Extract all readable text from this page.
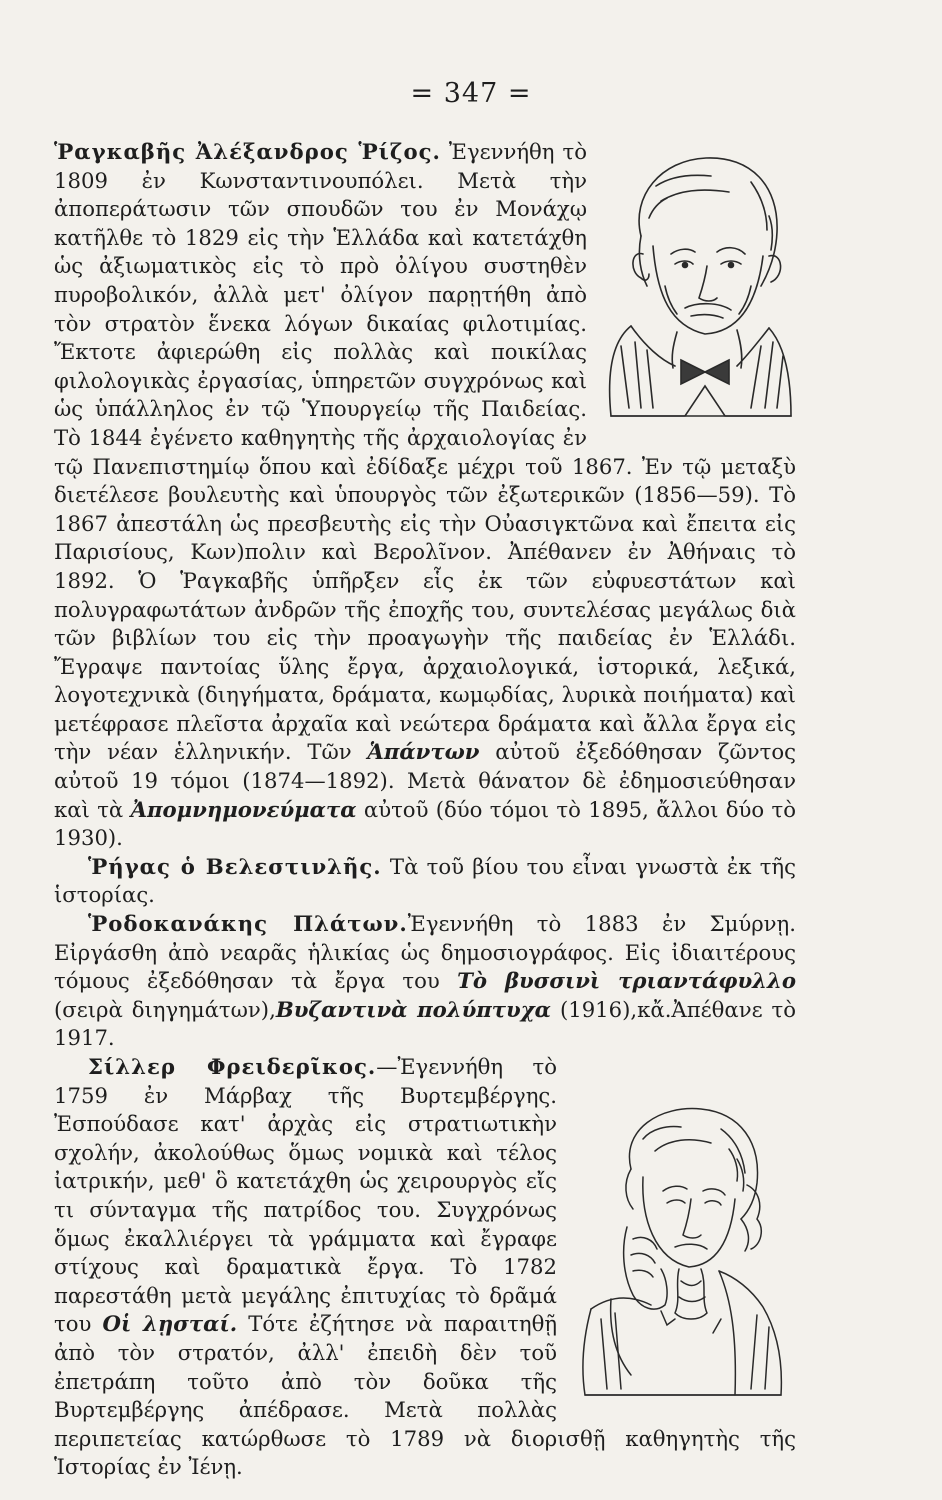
= 347 =

Ῥαγκαβῆς Ἀλέξανδρος Ῥίζος. Ἐγεννήθη τὸ 1809 ἐν Κωνσταντινουπόλει. Μετὰ τὴν ἀποπεράτωσιν τῶν σπουδῶν του ἐν Μονάχῳ κατῆλθε τὸ 1829 εἰς τὴν Ἑλλάδα καὶ κατετάχθη ὡς ἀξιωματικὸς εἰς τὸ πρὸ ὀλίγου συστηθὲν πυροβολικόν, ἀλλὰ μετ' ὀλίγον παρῃτήθη ἀπὸ τὸν στρατὸν ἕνεκα λόγων δικαίας φιλοτιμίας. Ἔκτοτε ἀφιερώθη εἰς πολλὰς καὶ ποικίλας φιλολογικὰς ἐργασίας, ὑπηρετῶν συγχρόνως καὶ ὡς ὑπάλληλος ἐν τῷ Ὑπουργείῳ τῆς Παιδείας. Τὸ 1844 ἐγένετο καθηγητὴς τῆς ἀρχαιολογίας ἐν τῷ Πανεπιστημίῳ ὅπου καὶ ἐδίδαξε μέχρι τοῦ 1867. Ἐν τῷ μεταξὺ διετέλεσε βουλευτὴς καὶ ὑπουργὸς τῶν ἐξωτερικῶν (1856—59). Τὸ 1867 ἀπεστάλη ὡς πρεσβευτὴς εἰς τὴν Οὐασιγκτῶνα καὶ ἔπειτα εἰς Παρισίους, Κων)πολιν καὶ Βερολῖνον. Ἀπέθανεν ἐν Ἀθήναις τὸ 1892. Ὁ Ῥαγκαβῆς ὑπῆρξεν εἷς ἐκ τῶν εὐφυεστάτων καὶ πολυγραφωτάτων ἀνδρῶν τῆς ἐποχῆς του, συντελέσας μεγάλως διὰ τῶν βιβλίων του εἰς τὴν προαγωγὴν τῆς παιδείας ἐν Ἑλλάδι. Ἔγραψε παντοίας ὕλης ἔργα, ἀρχαιολογικά, ἱστορικά, λεξικά, λογοτεχνικὰ (διηγήματα, δράματα, κωμῳδίας, λυρικὰ ποιήματα) καὶ μετέφρασε πλεῖστα ἀρχαῖα καὶ νεώτερα δράματα καὶ ἄλλα ἔργα εἰς τὴν νέαν ἑλληνικήν. Τῶν Ἁπάντων αὐτοῦ ἐξεδόθησαν ζῶντος αὐτοῦ 19 τόμοι (1874—1892). Μετὰ θάνατον δὲ ἐδημοσιεύθησαν καὶ τὰ Ἀπομνημονεύματα αὐτοῦ (δύο τόμοι τὸ 1895, ἄλλοι δύο τὸ 1930).

Ῥήγας ὁ Βελεστινλῆς. Τὰ τοῦ βίου του εἶναι γνωστὰ ἐκ τῆς ἱστορίας.

Ῥοδοκανάκης Πλάτων.Ἐγεννήθη τὸ 1883 ἐν Σμύρνῃ. Εἰργάσθη ἀπὸ νεαρᾶς ἡλικίας ὡς δημοσιογράφος. Εἰς ἰδιαιτέρους τόμους ἐξεδόθησαν τὰ ἔργα του Τὸ βυσσινὶ τριαντάφυλλο (σειρὰ διηγημάτων),Βυζαντινὰ πολύπτυχα (1916),κἄ.Ἀπέθανε τὸ 1917.

Σίλλερ Φρειδερῖκος.—Ἐγεννήθη τὸ 1759 ἐν Μάρβαχ τῆς Βυρτεμβέργης. Ἐσπούδασε κατ' ἀρχὰς εἰς στρατιωτικὴν σχολήν, ἀκολούθως ὅμως νομικὰ καὶ τέλος ἰατρικήν, μεθ' ὃ κατετάχθη ὡς χειρουργὸς εἴς τι σύνταγμα τῆς πατρίδος του. Συγχρόνως ὅμως ἐκαλλιέργει τὰ γράμματα καὶ ἔγραφε στίχους καὶ δραματικὰ ἔργα. Τὸ 1782 παρεστάθη μετὰ μεγάλης ἐπιτυχίας τὸ δρᾶμά του Οἱ λῃσταί. Τότε ἐζήτησε νὰ παραιτηθῇ ἀπὸ τὸν στρατόν, ἀλλ' ἐπειδὴ δὲν τοῦ ἐπετράπη τοῦτο ἀπὸ τὸν δοῦκα τῆς Βυρτεμβέργης ἀπέδρασε. Μετὰ πολλὰς περιπετείας κατώρθωσε τὸ 1789 νὰ διορισθῇ καθηγητὴς τῆς Ἱστορίας ἐν Ἰένῃ.
